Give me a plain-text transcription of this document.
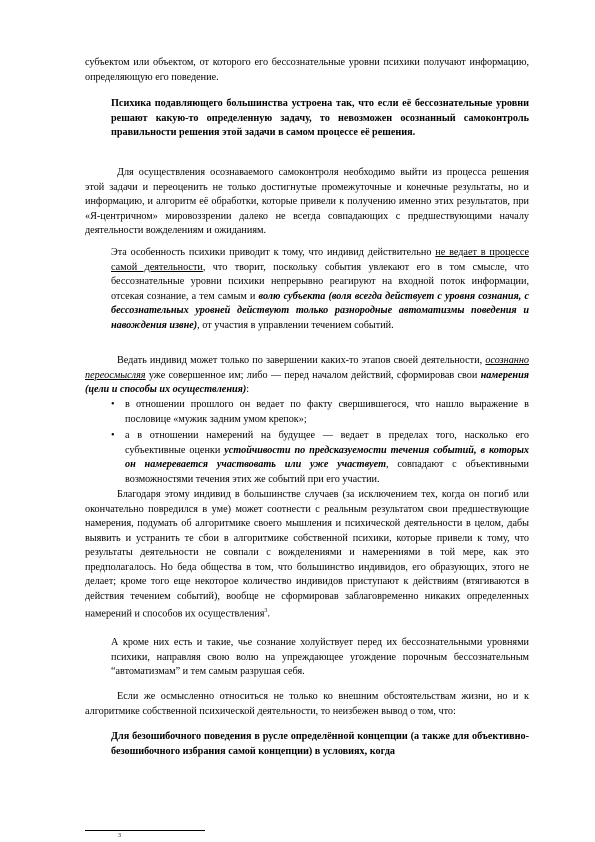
субъектом или объектом, от которого его бессознательные уровни психики получают информацию, определяющую его поведение.

Психика подавляющего большинства устроена так, что если её бессознательные уровни решают какую-то определенную задачу, то невозможен осознанный самоконтроль правильности решения этой задачи в самом процессе её решения.

Для осуществления осознаваемого самоконтроля необходимо выйти из процесса решения этой задачи и переоценить не только достигнутые промежуточные и конечные результаты, но и информацию, и алгоритм её обработки, которые привели к получению именно этих результатов, при «Я-центричном» мировоззрении далеко не всегда совпадающих с предшествующими началу деятельности вожделениям и ожиданиям.

Эта особенность психики приводит к тому, что индивид действительно не ведает в процессе самой деятельности, что творит, поскольку события увлекают его в том смысле, что бессознательные уровни психики непрерывно реагируют на входной поток информации, отсекая сознание, а тем самым и волю субъекта (воля всегда действует с уровня сознания, с бессознательных уровней действуют только разнородные автоматизмы поведения и навождения извне), от участия в управлении течением событий.

Ведать индивид может только по завершении каких-то этапов своей деятельности, осознанно переосмысляя уже совершенное им; либо — перед началом действий, сформировав свои намерения (цели и способы их осуществления):

• в отношении прошлого он ведает по факту свершившегося, что нашло выражение в пословице «мужик задним умом крепок»;
• а в отношении намерений на будущее — ведает в пределах того, насколько его субъективные оценки устойчивости по предсказуемости течения событий, в которых он намеревается участвовать или уже участвует, совпадают с объективными возможностями течения этих же событий при его участии.

Благодаря этому индивид в большинстве случаев (за исключением тех, когда он погиб или окончательно повредился в уме) может соотнести с реальным результатом свои предшествующие намерения, подумать об алгоритмике своего мышления и психической деятельности в целом, дабы выявить и устранить те сбои в алгоритмике собственной психики, которые привели к тому, что результаты деятельности не совпали с вожделениями и намерениями в той мере, как это предполагалось. Но беда общества в том, что большинство индивидов, его образующих, этого не делает; кроме того еще некоторое количество индивидов приступают к действиям (втягиваются в действия течением событий), вообще не сформировав заблаговременно никаких определенных намерений и способов их осуществления$^3$.

А кроме них есть и такие, чье сознание холуйствует перед их бессознательными уровнями психики, направляя свою волю на упреждающее угождение порочным бессознательным “автоматизмам” и тем самым разрушая себя.

Если же осмысленно относиться не только ко внешним обстоятельствам жизни, но и к алгоритмике собственной психической деятельности, то неизбежен вывод о том, что:

Для безошибочного поведения в русле определённой концепции (а также для объективно-безошибочного избрания самой концепции) в условиях, когда

3
